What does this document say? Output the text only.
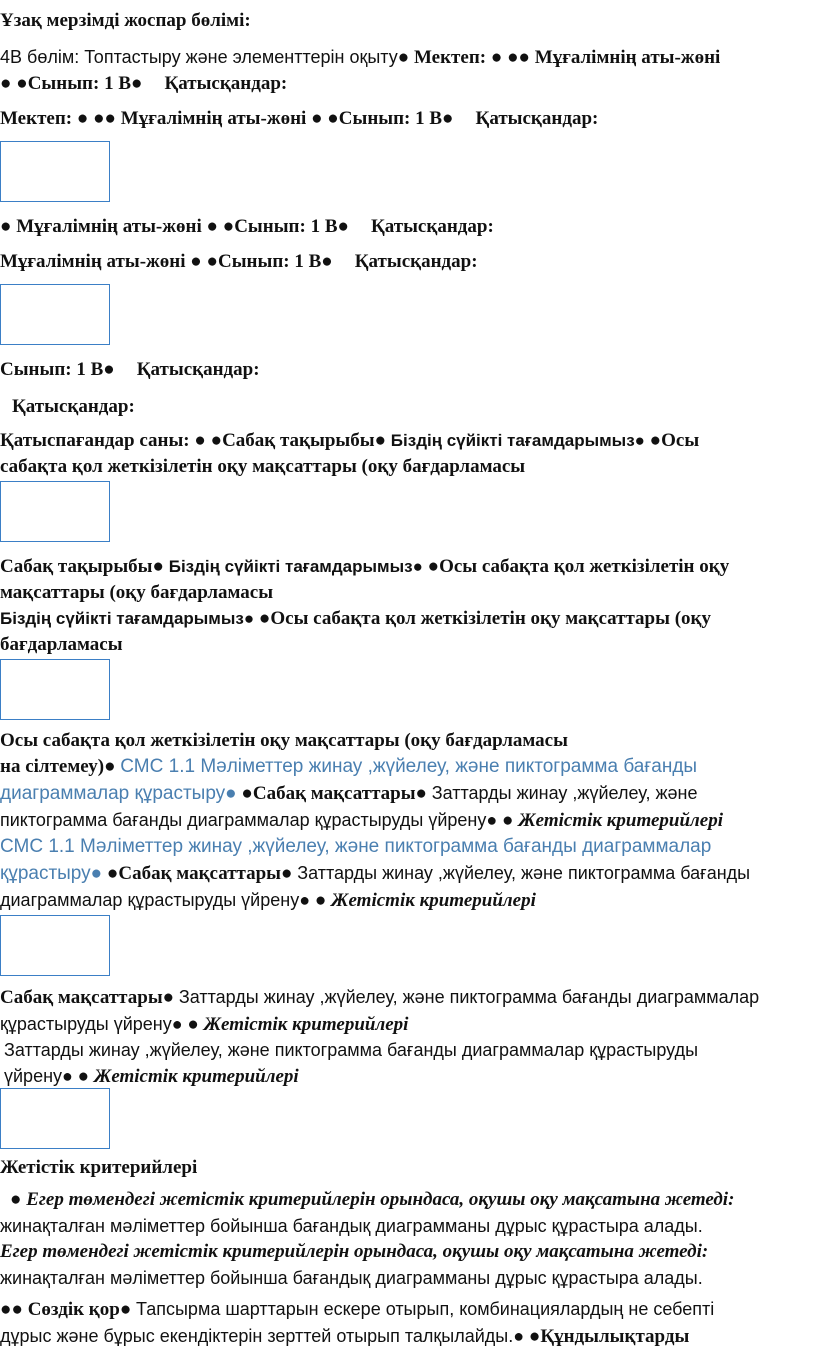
Ұзақ мерзімді жоспар бөлімі:
4В бөлім: Топтастыру және элементтерін оқыту● Мектеп: ● ●● Мұғалімнің аты-жөні
● ●Сынып: 1 В● Қатысқандар:
Мектеп: ● ●● Мұғалімнің аты-жөні ● ●Сынып: 1 В● Қатысқандар:
● Мұғалімнің аты-жөні ● ●Сынып: 1 В● Қатысқандар:
Мұғалімнің аты-жөні ● ●Сынып: 1 В● Қатысқандар:
Сынып: 1 В● Қатысқандар:
Қатысқандар:
Қатыспағандар саны: ● ●Сабақ тақырыбы● Біздің сүйікті тағамдарымыз● ●Осы
сабақта қол жеткізілетін оқу мақсаттары (оқу бағдарламасы
Сабақ тақырыбы● Біздің сүйікті тағамдарымыз● ●Осы сабақта қол жеткізілетін оқу
мақсаттары (оқу бағдарламасы
Біздің сүйікті тағамдарымыз● ●Осы сабақта қол жеткізілетін оқу мақсаттары (оқу
бағдарламасы
Осы сабақта қол жеткізілетін оқу мақсаттары (оқу бағдарламасы
на сілтемеу)● СМС 1.1 Мәліметтер жинау ,жүйелеу, және пиктограмма бағанды
диаграммалар құрастыру● ●Сабақ мақсаттары● Заттарды жинау ,жүйелеу, және
пиктограмма бағанды диаграммалар құрастыруды үйрену● ● Жетістік критерийлері
СМС 1.1 Мәліметтер жинау ,жүйелеу, және пиктограмма бағанды диаграммалар
құрастыру● ●Сабақ мақсаттары● Заттарды жинау ,жүйелеу, және пиктограмма бағанды
диаграммалар құрастыруды үйрену● ● Жетістік критерийлері
Сабақ мақсаттары● Заттарды жинау ,жүйелеу, және пиктограмма бағанды диаграммалар
құрастыруды үйрену● ● Жетістік критерийлері
Заттарды жинау ,жүйелеу, және пиктограмма бағанды диаграммалар құрастыруды
үйрену● ● Жетістік критерийлері
Жетістік критерийлері
● Егер төмендегі жетістік критерийлерін орындаса, оқушы оқу мақсатына жетеді:
жинақталған мәліметтер бойынша бағандық диаграмманы дұрыс құрастыра алады.
Егер төмендегі жетістік критерийлерін орындаса, оқушы оқу мақсатына жетеді:
жинақталған мәліметтер бойынша бағандық диаграмманы дұрыс құрастыра алады.
●● Сөздік қор● Тапсырма шарттарын ескере отырып, комбинациялардың не себепті
дұрыс және бұрыс екендіктерін зерттей отырып талқылайды.● ●Құндылықтарды
